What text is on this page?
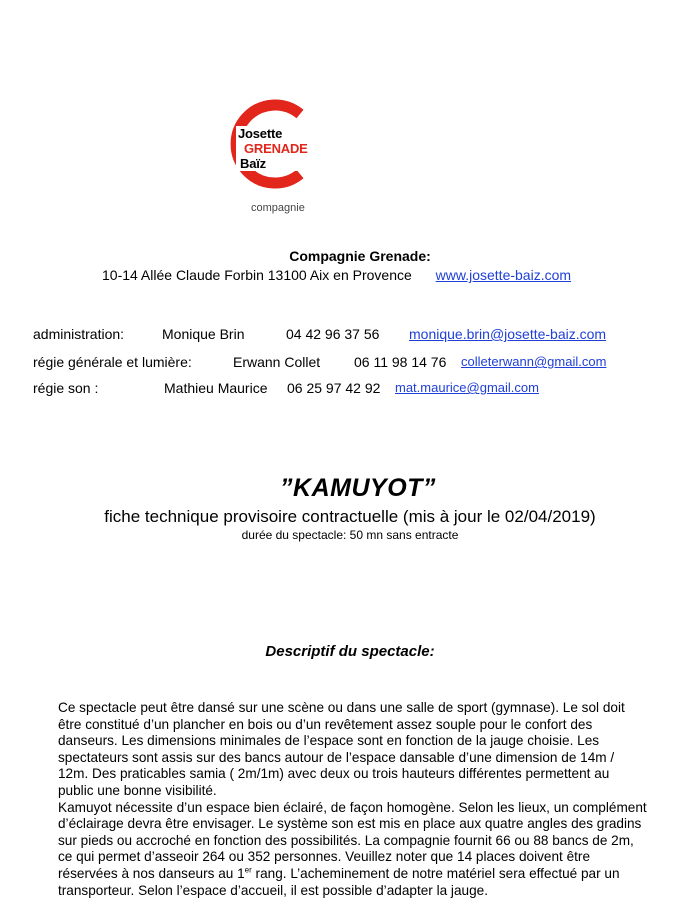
Josette
GRENADE
Baïz
compagnie
Compagnie Grenade:
10-14 Allée Claude Forbin 13100 Aix en Provence www.josette-baiz.com
administration:	Monique Brin	04 42 96 37 56 monique.brin@josette-baiz.com
régie générale et lumière:	Erwann Collet 06 11 98 14 76 colleterwann@gmail.com
régie son :	Mathieu Maurice 06 25 97 42 92 mat.maurice@gmail.com
”KAMUYOT”
fiche technique provisoire contractuelle (mis à jour le 02/04/2019)
durée du spectacle: 50 mn sans entracte
Descriptif du spectacle:
Ce spectacle peut être dansé sur une scène ou dans une salle de sport (gymnase). Le sol doit
être constitué d’un plancher en bois ou d’un revêtement assez souple pour le confort des
danseurs. Les dimensions minimales de l’espace sont en fonction de la jauge choisie. Les
spectateurs sont assis sur des bancs autour de l’espace dansable d’une dimension de 14m /
12m. Des praticables samia ( 2m/1m) avec deux ou trois hauteurs différentes permettent au
public une bonne visibilité.
Kamuyot nécessite d’un espace bien éclairé, de façon homogène. Selon les lieux, un complément
d’éclairage devra être envisager. Le système son est mis en place aux quatre angles des gradins
sur pieds ou accroché en fonction des possibilités. La compagnie fournit 66 ou 88 bancs de 2m,
ce qui permet d’asseoir 264 ou 352 personnes. Veuillez noter que 14 places doivent être
réservées à nos danseurs au 1er rang. L’acheminement de notre matériel sera effectué par un
transporteur. Selon l’espace d’accueil, il est possible d’adapter la jauge.
